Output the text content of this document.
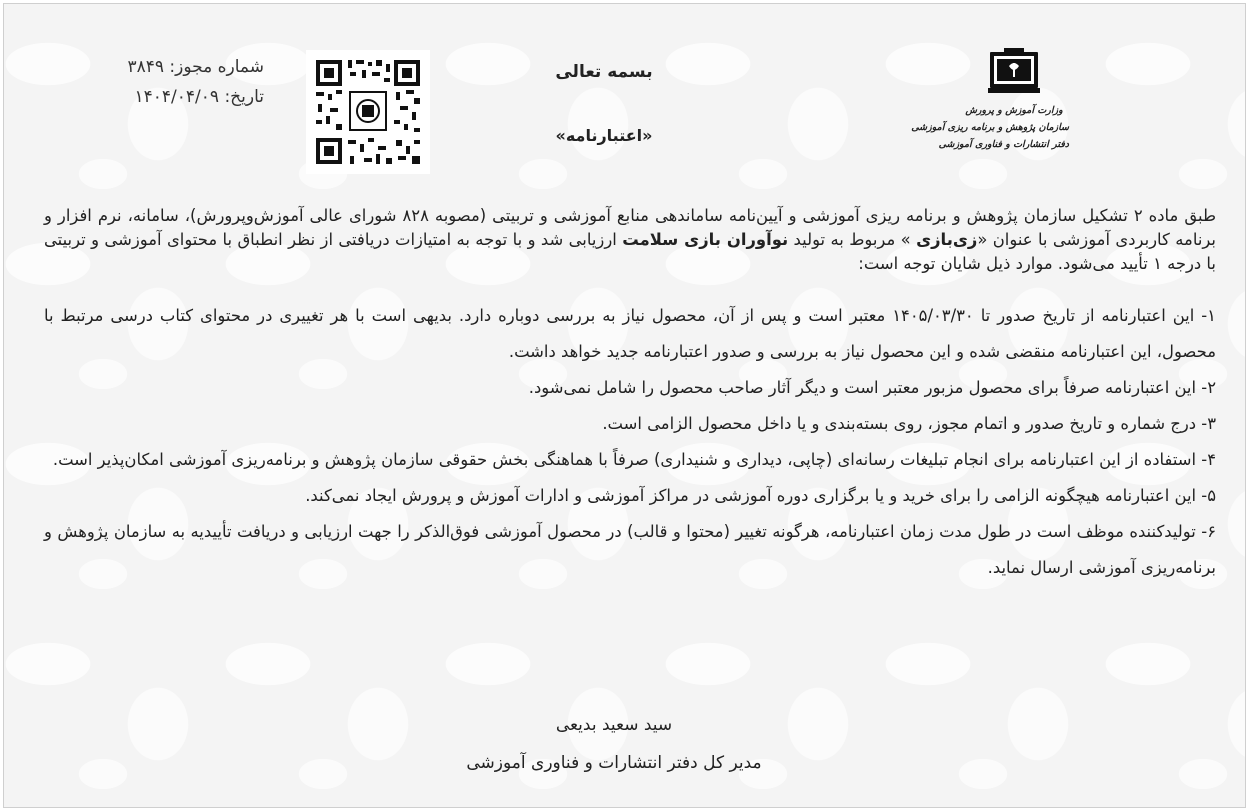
شماره مجوز: ۳۸۴۹
تاریخ: ۱۴۰۴/۰۴/۰۹
بسمه تعالی
«اعتبارنامه»
وزارت آموزش و پرورش
سازمان پژوهش و برنامه ریزی آموزشی
دفتر انتشارات و فناوری آموزشی

طبق ماده ۲ تشکیل سازمان پژوهش و برنامه ریزی آموزشی و آیین‌نامه ساماندهی منابع آموزشی و تربیتی (مصوبه ۸۲۸ شورای عالی آموزش‌وپرورش)، سامانه، نرم افزار و برنامه کاربردی آموزشی با عنوان «زی‌بازی » مربوط به تولید نوآوران بازی سلامت ارزیابی شد و با توجه به امتیازات دریافتی از نظر انطباق با محتوای آموزشی و تربیتی با درجه ۱ تأیید می‌شود. موارد ذیل شایان توجه است:

۱- این اعتبارنامه از تاریخ صدور تا ۱۴۰۵/۰۳/۳۰ معتبر است و پس از آن، محصول نیاز به بررسی دوباره دارد. بدیهی است با هر تغییری در محتوای کتاب درسی مرتبط با محصول، این اعتبارنامه منقضی شده و این محصول نیاز به بررسی و صدور اعتبارنامه جدید خواهد داشت.

۲- این اعتبارنامه صرفاً برای محصول مزبور معتبر است و دیگر آثار صاحب محصول را شامل نمی‌شود.

۳- درج شماره و تاریخ صدور و اتمام مجوز، روی بسته‌بندی و یا داخل محصول الزامی است.

۴- استفاده از این اعتبارنامه برای انجام تبلیغات رسانه‌ای (چاپی، دیداری و شنیداری) صرفاً با هماهنگی بخش حقوقی سازمان پژوهش و برنامه‌ریزی آموزشی امکان‌پذیر است.

۵- این اعتبارنامه هیچگونه الزامی را برای خرید و یا برگزاری دوره آموزشی در مراکز آموزشی و ادارات آموزش و پرورش ایجاد نمی‌کند.

۶- تولیدکننده موظف است در طول مدت زمان اعتبارنامه، هرگونه تغییر (محتوا و قالب) در محصول آموزشی فوق‌الذکر را جهت ارزیابی و دریافت تأییدیه به سازمان پژوهش و برنامه‌ریزی آموزشی ارسال نماید.

سید سعید بدیعی
مدیر کل دفتر انتشارات و فناوری آموزشی
